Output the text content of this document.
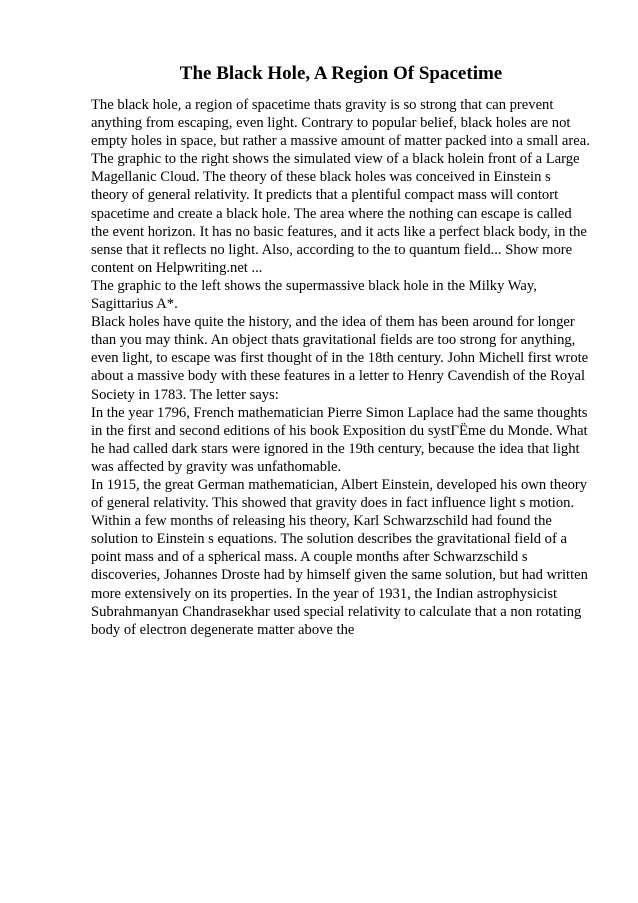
The Black Hole, A Region Of Spacetime
The black hole, a region of spacetime thats gravity is so strong that can prevent
anything from escaping, even light. Contrary to popular belief, black holes are not
empty holes in space, but rather a massive amount of matter packed into a small area.
The graphic to the right shows the simulated view of a black holein front of a Large
Magellanic Cloud. The theory of these black holes was conceived in Einstein s
theory of general relativity. It predicts that a plentiful compact mass will contort
spacetime and create a black hole. The area where the nothing can escape is called
the event horizon. It has no basic features, and it acts like a perfect black body, in the
sense that it reflects no light. Also, according to the to quantum field... Show more
content on Helpwriting.net ...
The graphic to the left shows the supermassive black hole in the Milky Way,
Sagittarius A*.
Black holes have quite the history, and the idea of them has been around for longer
than you may think. An object thats gravitational fields are too strong for anything,
even light, to escape was first thought of in the 18th century. John Michell first wrote
about a massive body with these features in a letter to Henry Cavendish of the Royal
Society in 1783. The letter says:
In the year 1796, French mathematician Pierre Simon Laplace had the same thoughts
in the first and second editions of his book Exposition du systГЁme du Monde. What
he had called dark stars were ignored in the 19th century, because the idea that light
was affected by gravity was unfathomable.
In 1915, the great German mathematician, Albert Einstein, developed his own theory
of general relativity. This showed that gravity does in fact influence light s motion.
Within a few months of releasing his theory, Karl Schwarzschild had found the
solution to Einstein s equations. The solution describes the gravitational field of a
point mass and of a spherical mass. A couple months after Schwarzschild s
discoveries, Johannes Droste had by himself given the same solution, but had written
more extensively on its properties. In the year of 1931, the Indian astrophysicist
Subrahmanyan Chandrasekhar used special relativity to calculate that a non rotating
body of electron degenerate matter above the
